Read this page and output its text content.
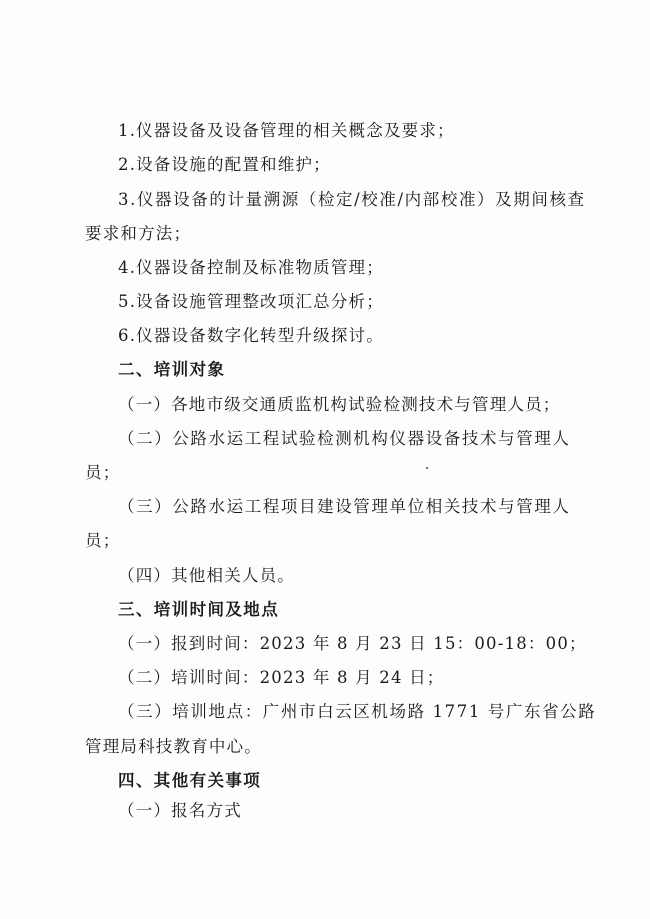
1.仪器设备及设备管理的相关概念及要求；
2.设备设施的配置和维护；
3.仪器设备的计量溯源（检定/校准/内部校准）及期间核查
要求和方法；
4.仪器设备控制及标准物质管理；
5.设备设施管理整改项汇总分析；
6.仪器设备数字化转型升级探讨。
二、培训对象
（一）各地市级交通质监机构试验检测技术与管理人员；
（二）公路水运工程试验检测机构仪器设备技术与管理人
员；
（三）公路水运工程项目建设管理单位相关技术与管理人
员；
（四）其他相关人员。
三、培训时间及地点
（一）报到时间：2023 年 8 月 23 日 15：00-18：00；
（二）培训时间：2023 年 8 月 24 日；
（三）培训地点：广州市白云区机场路 1771 号广东省公路
管理局科技教育中心。
四、其他有关事项
（一）报名方式
